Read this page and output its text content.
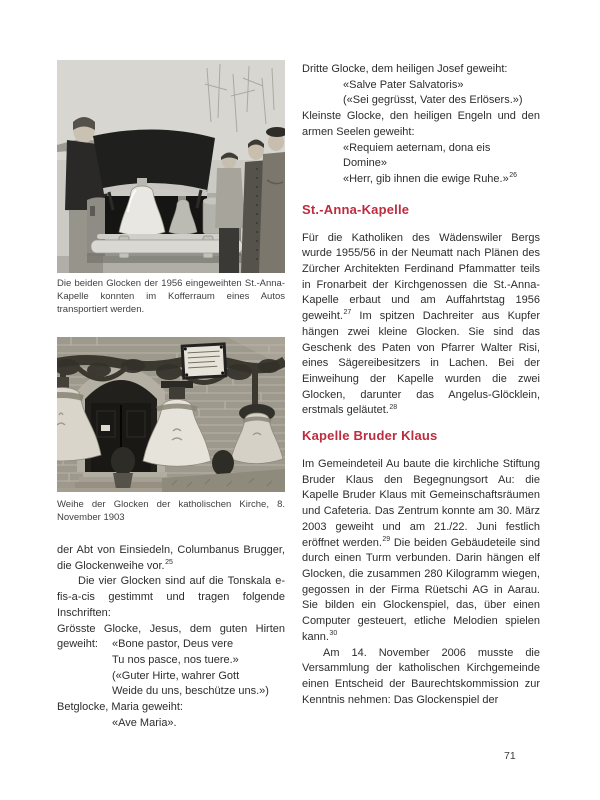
Die beiden Glocken der 1956 eingeweihten St.-Anna-Kapelle konnten im Kofferraum eines Autos transportiert werden.

Weihe der Glocken der katholischen Kirche, 8. November 1903

der Abt von Einsiedeln, Columbanus Brugger, die Glockenweihe vor.$^{25}$

Die vier Glocken sind auf die Tonskala e-fis-a-cis gestimmt und tragen folgende Inschriften:

Grösste Glocke, Jesus, dem guten Hirten geweiht:	«Bone pastor, Deus vere
Tu nos pasce, nos tuere.»
(«Guter Hirte, wahrer Gott
Weide du uns, beschütze uns.»)

Betglocke, Maria geweiht:

«Ave Maria».

Dritte Glocke, dem heiligen Josef geweiht:

«Salve Pater Salvatoris»
(«Sei gegrüsst, Vater des Erlösers.»)

Kleinste Glocke, den heiligen Engeln und den armen Seelen geweiht:

«Requiem aeternam, dona eis
Domine»
«Herr, gib ihnen die ewige Ruhe.»$^{26}$
St.-Anna-Kapelle

Für die Katholiken des Wädenswiler Bergs wurde 1955/56 in der Neumatt nach Plänen des Zürcher Architekten Ferdinand Pfammatter teils in Fronarbeit der Kirchgenossen die St.-Anna-Kapelle erbaut und am Auffahrtstag 1956 geweiht.$^{27}$ Im spitzen Dachreiter aus Kupfer hängen zwei kleine Glocken. Sie sind das Geschenk des Paten von Pfarrer Walter Risi, eines Sägereibesitzers in Lachen. Bei der Einweihung der Kapelle wurden die zwei Glocken, darunter das Angelus-Glöcklein, erstmals geläutet.$^{28}$

Kapelle Bruder Klaus

Im Gemeindeteil Au baute die kirchliche Stiftung Bruder Klaus den Begegnungsort Au: die Kapelle Bruder Klaus mit Gemeinschaftsräumen und Cafeteria. Das Zentrum konnte am 30. März 2003 geweiht und am 21./22. Juni festlich eröffnet werden.$^{29}$ Die beiden Gebäudeteile sind durch einen Turm verbunden. Darin hängen elf Glocken, die zusammen 280 Kilogramm wiegen, gegossen in der Firma Rüetschi AG in Aarau. Sie bilden ein Glockenspiel, das, über einen Computer gesteuert, etliche Melodien spielen kann.$^{30}$

Am 14. November 2006 musste die Versammlung der katholischen Kirchgemeinde einen Entscheid der Baurechtskommission zur Kenntnis nehmen: Das Glockenspiel der

71
